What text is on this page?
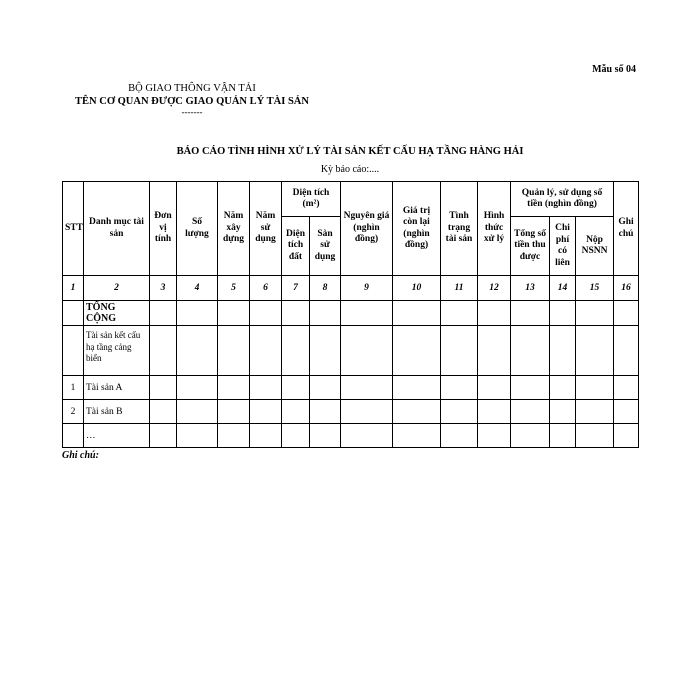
Mẫu số 04
BỘ GIAO THÔNG VẬN TẢI
TÊN CƠ QUAN ĐƯỢC GIAO QUẢN LÝ TÀI SẢN
-------
BÁO CÁO TÌNH HÌNH XỬ LÝ TÀI SẢN KẾT CẤU HẠ TẦNG HÀNG HẢI
Kỳ báo cáo:....
STT	Danh mục tài sản	Đơn vị tính	Số lượng	Năm xây dựng	Năm sử dụng	Diện tích (m²)		Nguyên giá (nghìn đồng)	Giá trị còn lại (nghìn đồng)	Tình trạng tài sản	Hình thức xử lý	Quản lý, sử dụng số tiền (nghìn đồng)			Ghi chú
						Diện tích đất	Sàn sử dụng					Tổng số tiền thu được	Chi phí có liên	Nộp NSNN	
1	2	3	4	5	6	7	8	9	10	11	12	13	14	15	16
	TỔNG CỘNG														
	Tài sản kết cấu hạ tầng cảng biển														
1	Tài sản A														
2	Tài sản B														
	…														
Ghi chú:
